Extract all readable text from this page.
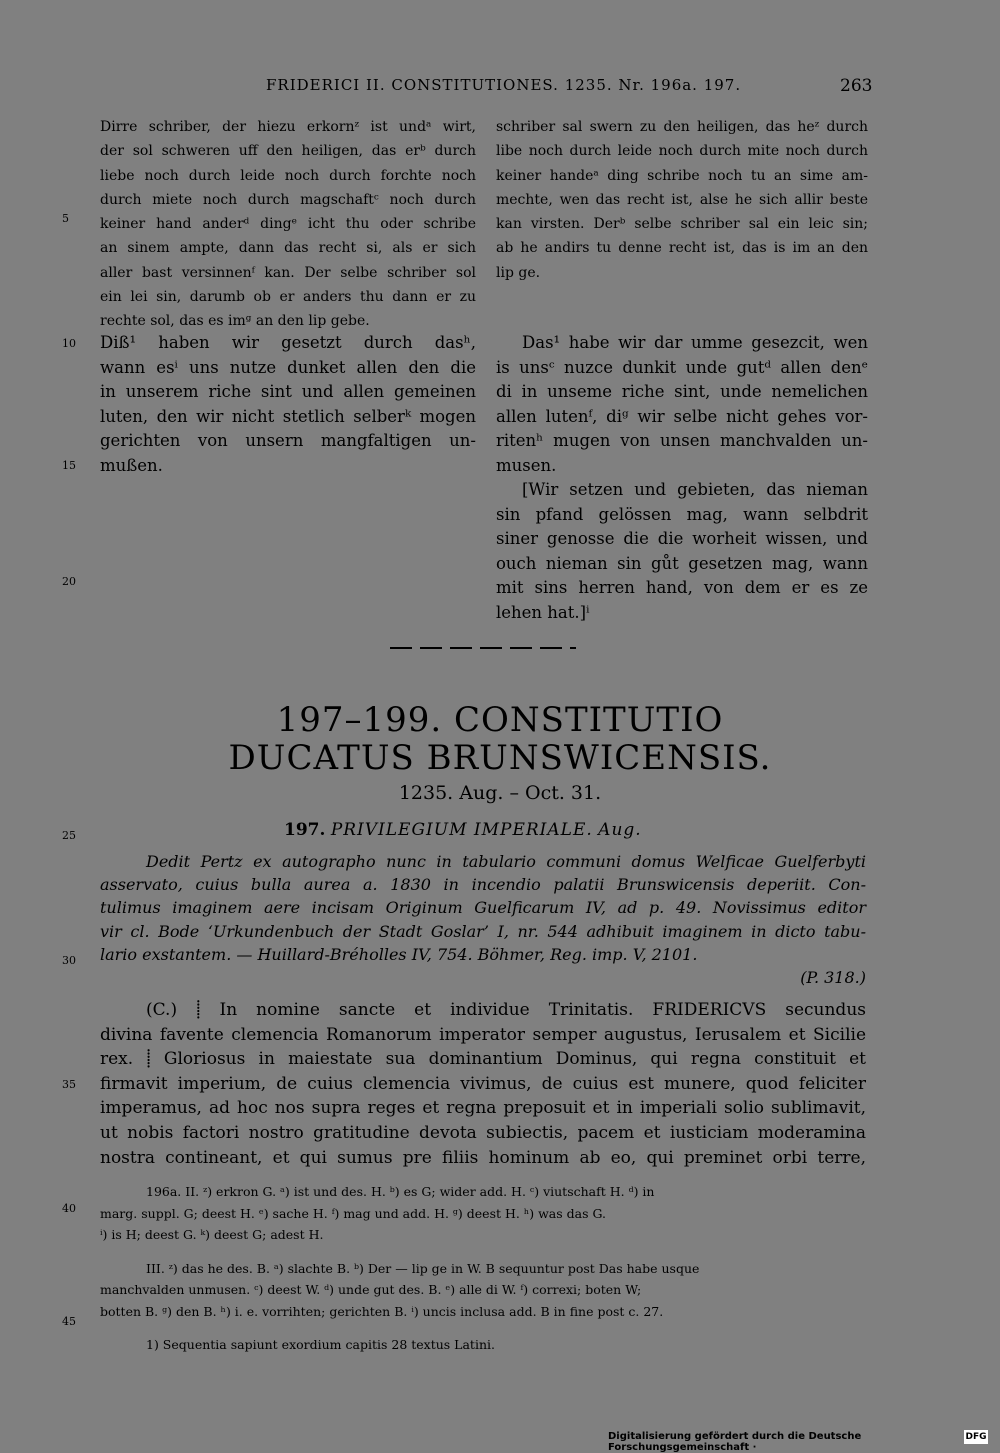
FRIDERICI II. CONSTITUTIONES. 1235. Nr. 196a. 197.	263
5
10
15
20
25
30
35
40
45
Dirre schriber, der hiezu erkornᶻ ist undᵃ wirt,
der sol schweren uff den heiligen, das erᵇ durch
liebe noch durch leide noch durch forchte noch
durch miete noch durch magschaftᶜ noch durch
keiner hand anderᵈ dingᵉ icht thu oder schribe
an sinem ampte, dann das recht si, als er sich
aller bast versinnenᶠ kan. Der selbe schriber sol
ein lei sin, darumb ob er anders thu dann er zu
rechte sol, das es imᵍ an den lip gebe.
schriber sal swern zu den heiligen, das heᶻ durch
libe noch durch leide noch durch mite noch durch
keiner handeᵃ ding schribe noch tu an sime am-
mechte, wen das recht ist, alse he sich allir beste
kan virsten. Derᵇ selbe schriber sal ein leic sin;
ab he andirs tu denne recht ist, das is im an den
lip ge.
Diß¹ haben wir gesetzt durch dasʰ,
wann esⁱ uns nutze dunket allen den die
in unserem riche sint und allen gemeinen
luten, den wir nicht stetlich selberᵏ mogen
gerichten von unsern mangfaltigen un-
mußen.
Das¹ habe wir dar umme gesezcit, wen
is unsᶜ nuzce dunkit unde gutᵈ allen denᵉ
di in unseme riche sint, unde nemelichen
allen lutenᶠ, diᵍ wir selbe nicht gehes vor-
ritenʰ mugen von unsen manchvalden un-
musen.
[Wir setzen und gebieten, das nieman
sin pfand gelössen mag, wann selbdrit
siner genosse die die worheit wissen, und
ouch nieman sin gůt gesetzen mag, wann
mit sins herren hand, von dem er es ze
lehen hat.]ⁱ
197–199. CONSTITUTIO
DUCATUS BRUNSWICENSIS.
1235. Aug. – Oct. 31.
197. PRIVILEGIUM IMPERIALE. Aug.
Dedit Pertz ex autographo nunc in tabulario communi domus Welficae Guelferbyti
asservato, cuius bulla aurea a. 1830 in incendio palatii Brunswicensis deperiit. Con-
tulimus imaginem aere incisam Originum Guelficarum IV, ad p. 49. Novissimus editor
vir cl. Bode ‘Urkundenbuch der Stadt Goslar’ I, nr. 544 adhibuit imaginem in dicto tabu-
lario exstantem. — Huillard-Bréholles IV, 754. Böhmer, Reg. imp. V, 2101.
(P. 318.)
(C.) ⸽ In nomine sancte et individue Trinitatis. FRIDERICVS secundus
divina favente clemencia Romanorum imperator semper augustus, Ierusalem et Sicilie
rex. ⸽ Gloriosus in maiestate sua dominantium Dominus, qui regna constituit et
firmavit imperium, de cuius clemencia vivimus, de cuius est munere, quod feliciter
imperamus, ad hoc nos supra reges et regna preposuit et in imperiali solio sublimavit,
ut nobis factori nostro gratitudine devota subiectis, pacem et iusticiam moderamina
nostra contineant, et qui sumus pre filiis hominum ab eo, qui preminet orbi terre,
196a. II. ᶻ) erkron G. ᵃ) ist und des. H. ᵇ) es G; wider add. H. ᶜ) viutschaft H. ᵈ) in
marg. suppl. G; deest H. ᵉ) sache H. ᶠ) mag und add. H. ᵍ) deest H. ʰ) was das G.
ⁱ) is H; deest G. ᵏ) deest G; adest H.
III. ᶻ) das he des. B. ᵃ) slachte B. ᵇ) Der — lip ge in W. B sequuntur post Das habe usque
manchvalden unmusen. ᶜ) deest W. ᵈ) unde gut des. B. ᵉ) alle di W. ᶠ) correxi; boten W;
botten B. ᵍ) den B. ʰ) i. e. vorrihten; gerichten B. ⁱ) uncis inclusa add. B in fine post c. 27.
1) Sequentia sapiunt exordium capitis 28 textus Latini.
Digitalisierung gefördert durch die Deutsche Forschungsgemeinschaft ·
DFG
